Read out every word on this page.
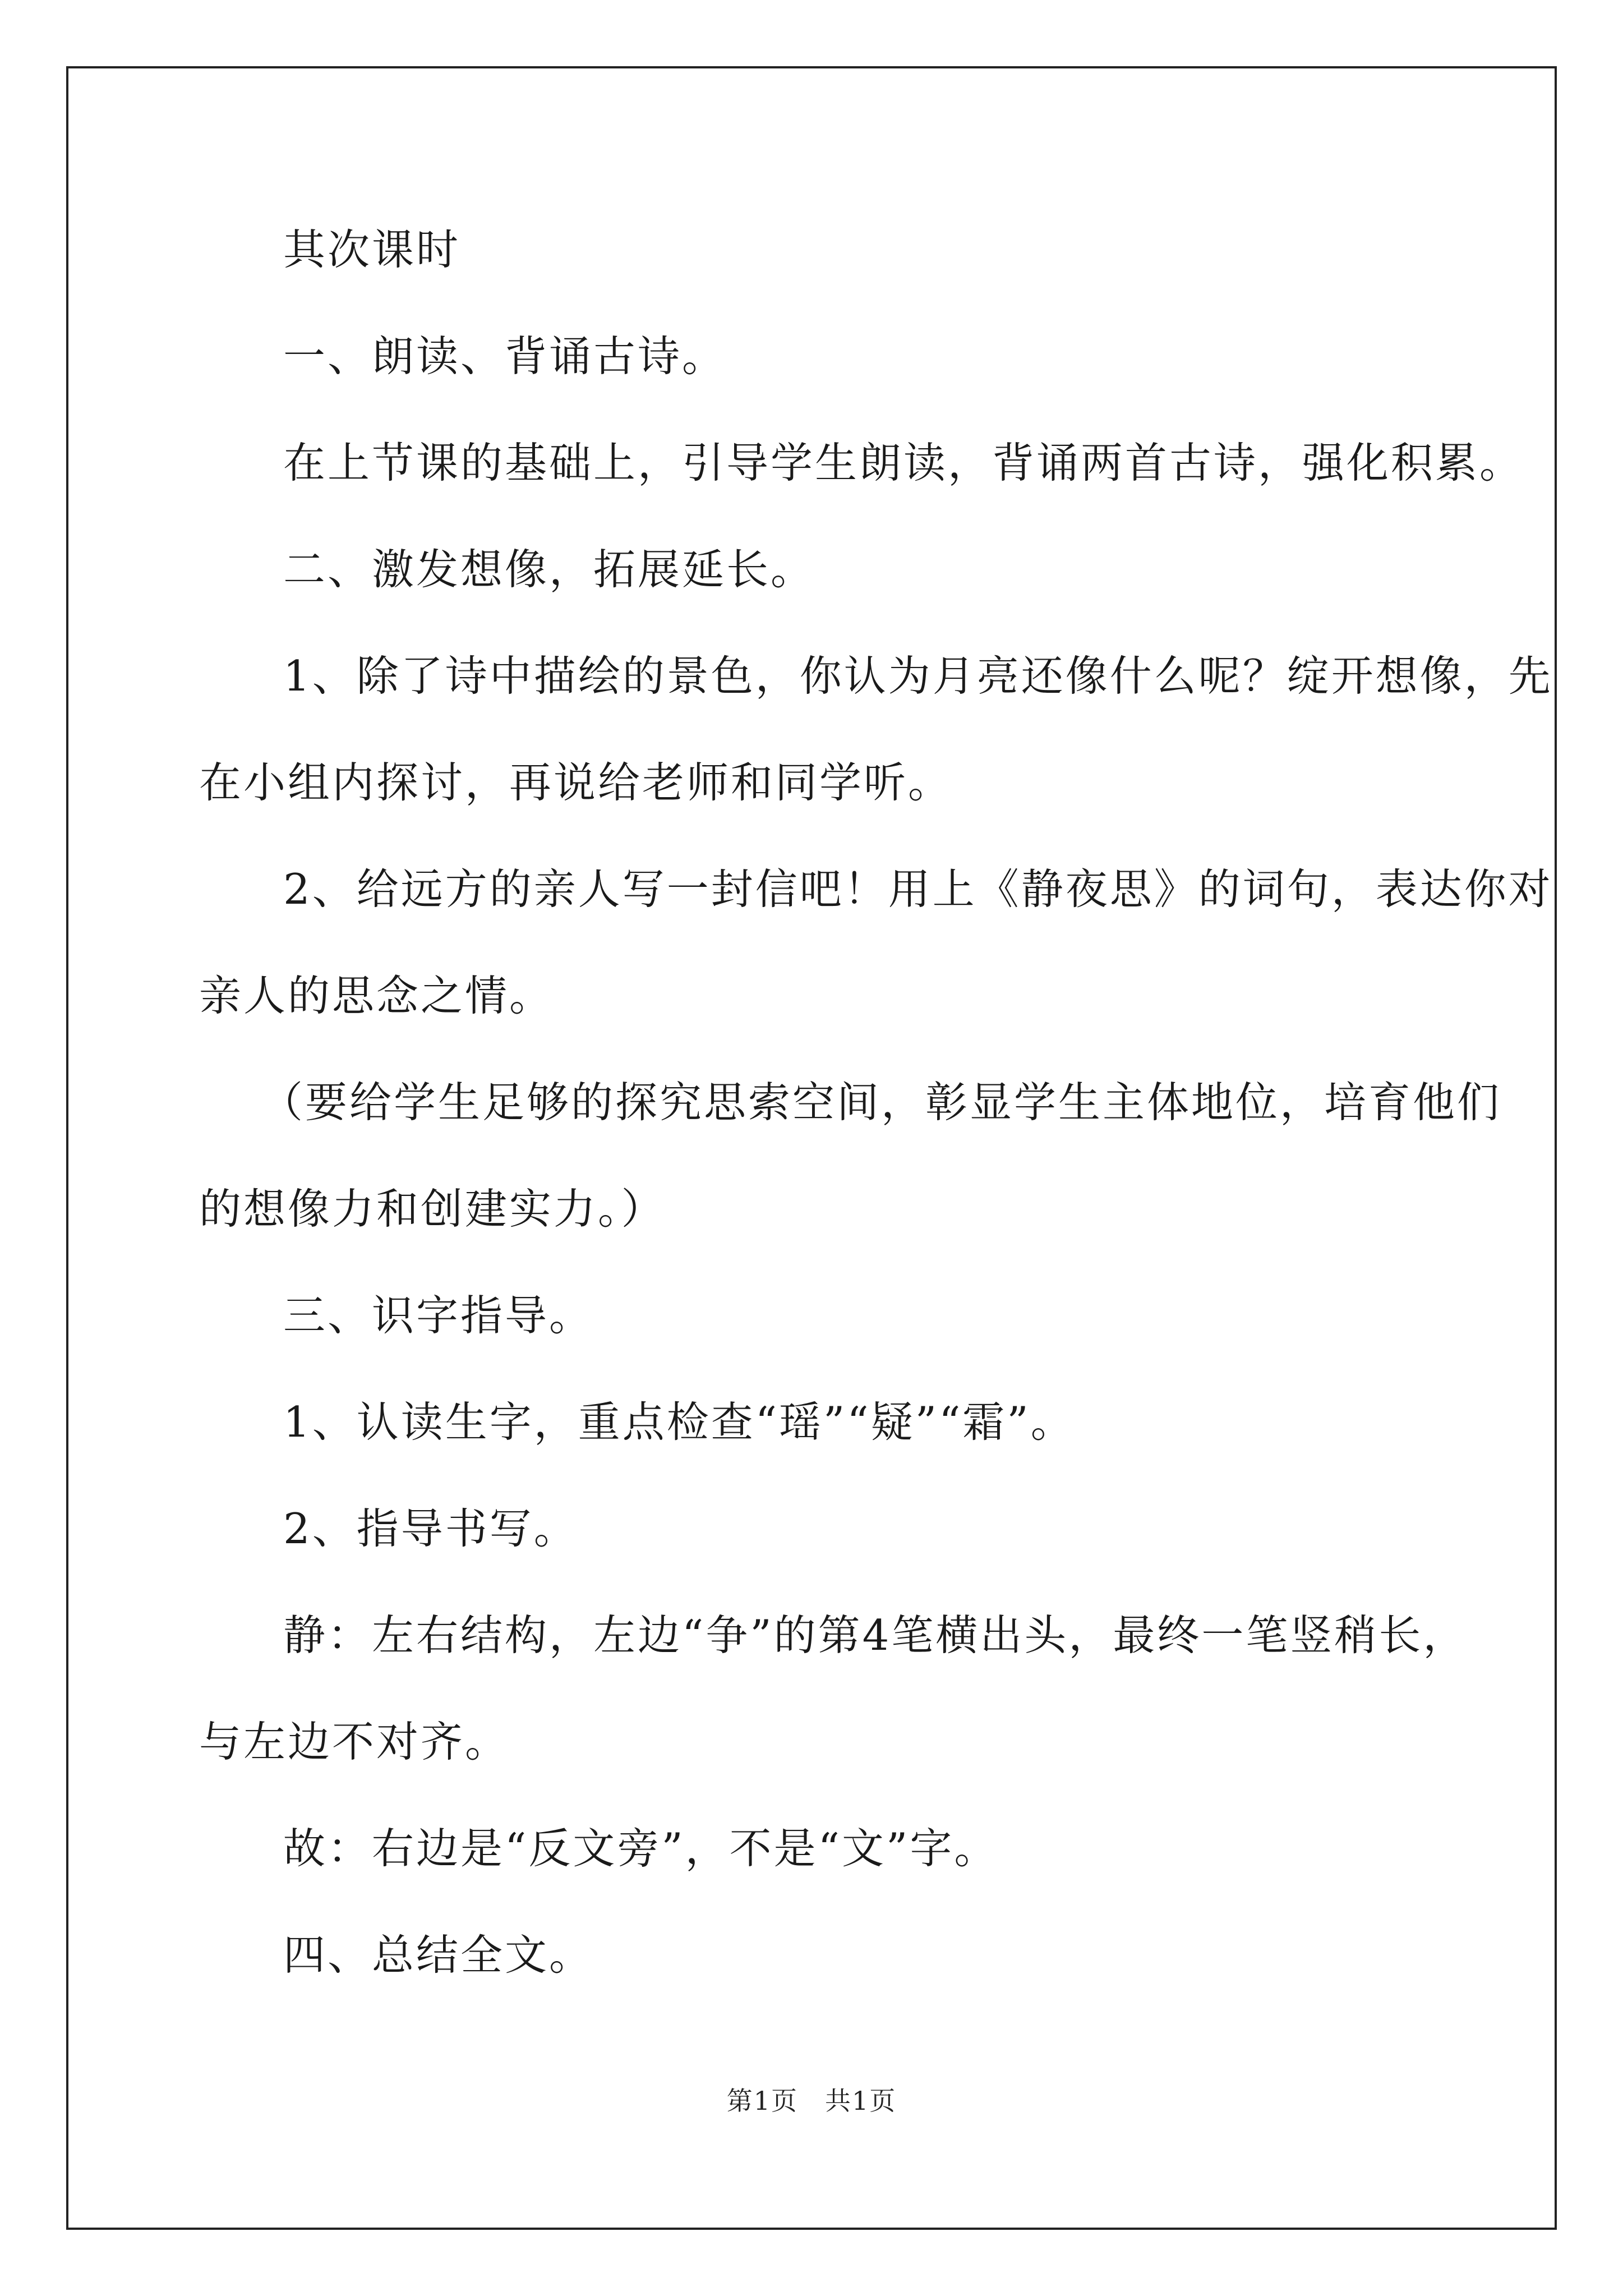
其次课时
一、朗读、背诵古诗。
在上节课的基础上，引导学生朗读，背诵两首古诗，强化积累。
二、激发想像，拓展延长。
1、除了诗中描绘的景色，你认为月亮还像什么呢？绽开想像，先
在小组内探讨，再说给老师和同学听。
2、给远方的亲人写一封信吧！用上《静夜思》的词句，表达你对
亲人的思念之情。
（要给学生足够的探究思索空间，彰显学生主体地位，培育他们
的想像力和创建实力。）
三、识字指导。
1、认读生字，重点检查“瑶”“疑”“霜”。
2、指导书写。
静：左右结构，左边“争”的第4笔横出头，最终一笔竖稍长，
与左边不对齐。
故：右边是“反文旁”，不是“文”字。
四、总结全文。
第1页　共1页
